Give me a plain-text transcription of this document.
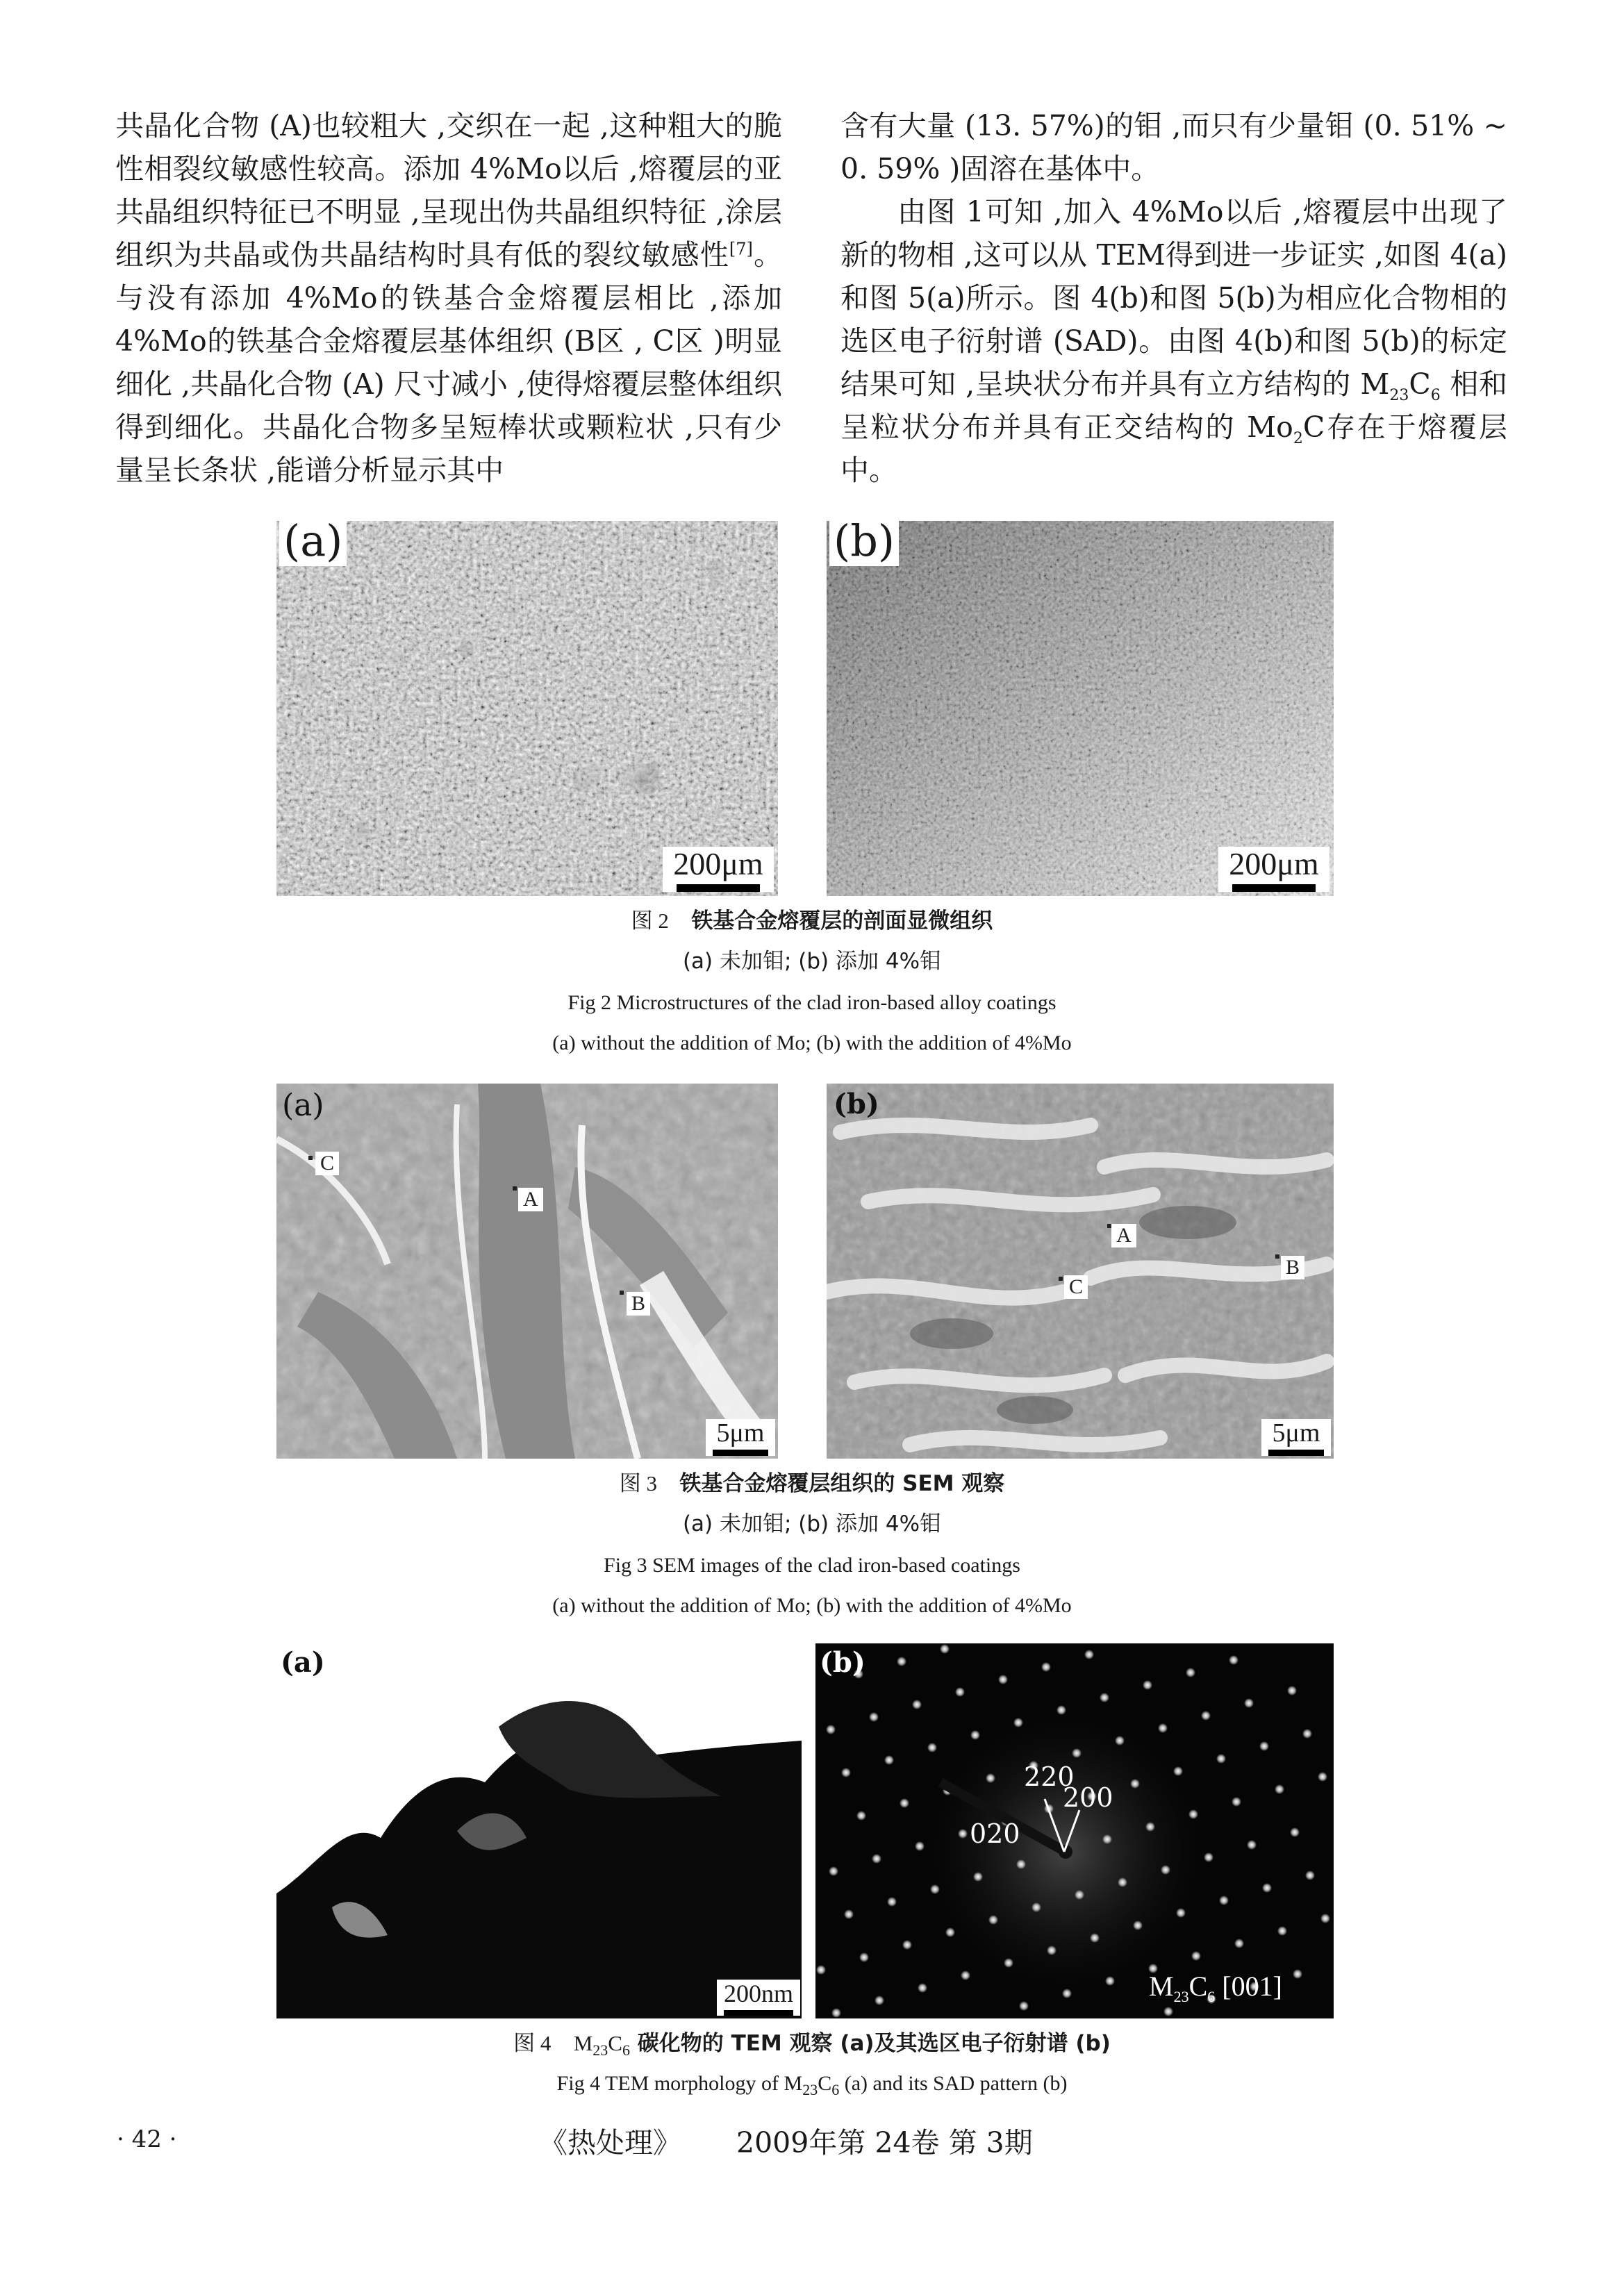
共晶化合物 (A)也较粗大 ,交织在一起 ,这种粗大的脆性相裂纹敏感性较高。添加 4%Mo以后 ,熔覆层的亚共晶组织特征已不明显 ,呈现出伪共晶组织特征 ,涂层组织为共晶或伪共晶结构时具有低的裂纹敏感性[7]。与没有添加 4%Mo的铁基合金熔覆层相比 ,添加 4%Mo的铁基合金熔覆层基体组织 (B区 , C区 )明显细化 ,共晶化合物 (A) 尺寸减小 ,使得熔覆层整体组织得到细化。共晶化合物多呈短棒状或颗粒状 ,只有少量呈长条状 ,能谱分析显示其中

含有大量 (13. 57%)的钼 ,而只有少量钼 (0. 51% ~ 0. 59% )固溶在基体中。

由图 1可知 ,加入 4%Mo以后 ,熔覆层中出现了新的物相 ,这可以从 TEM得到进一步证实 ,如图 4(a)和图 5(a)所示。图 4(b)和图 5(b)为相应化合物相的选区电子衍射谱 (SAD)。由图 4(b)和图 5(b)的标定结果可知 ,呈块状分布并具有立方结构的 $M_{23}C_6$ 相和呈粒状分布并具有正交结构的 $Mo_2C$存在于熔覆层中。

(a)
200μm
(b)
200μm
图 2 铁基合金熔覆层的剖面显微组织
(a) 未加钼; (b) 添加 4%钼
Fig 2 Microstructures of the clad iron-based alloy coatings
(a) without the addition of Mo; (b) with the addition of 4%Mo
(a)
C
A
B
5μm
(b)
A
C
B
5μm
图 3 铁基合金熔覆层组织的 SEM 观察
(a) 未加钼; (b) 添加 4%钼
Fig 3 SEM images of the clad iron-based coatings
(a) without the addition of Mo; (b) with the addition of 4%Mo
(a)
200nm
(b)
220
200
020
$M_{23}C_6$ [001]
图 4 $M_{23}C_6$ 碳化物的 TEM 观察 (a)及其选区电子衍射谱 (b)
Fig 4 TEM morphology of $M_{23}C_6$ (a) and its SAD pattern (b)
· 42 ·	《热处理》 2009年第 24卷 第 3期
